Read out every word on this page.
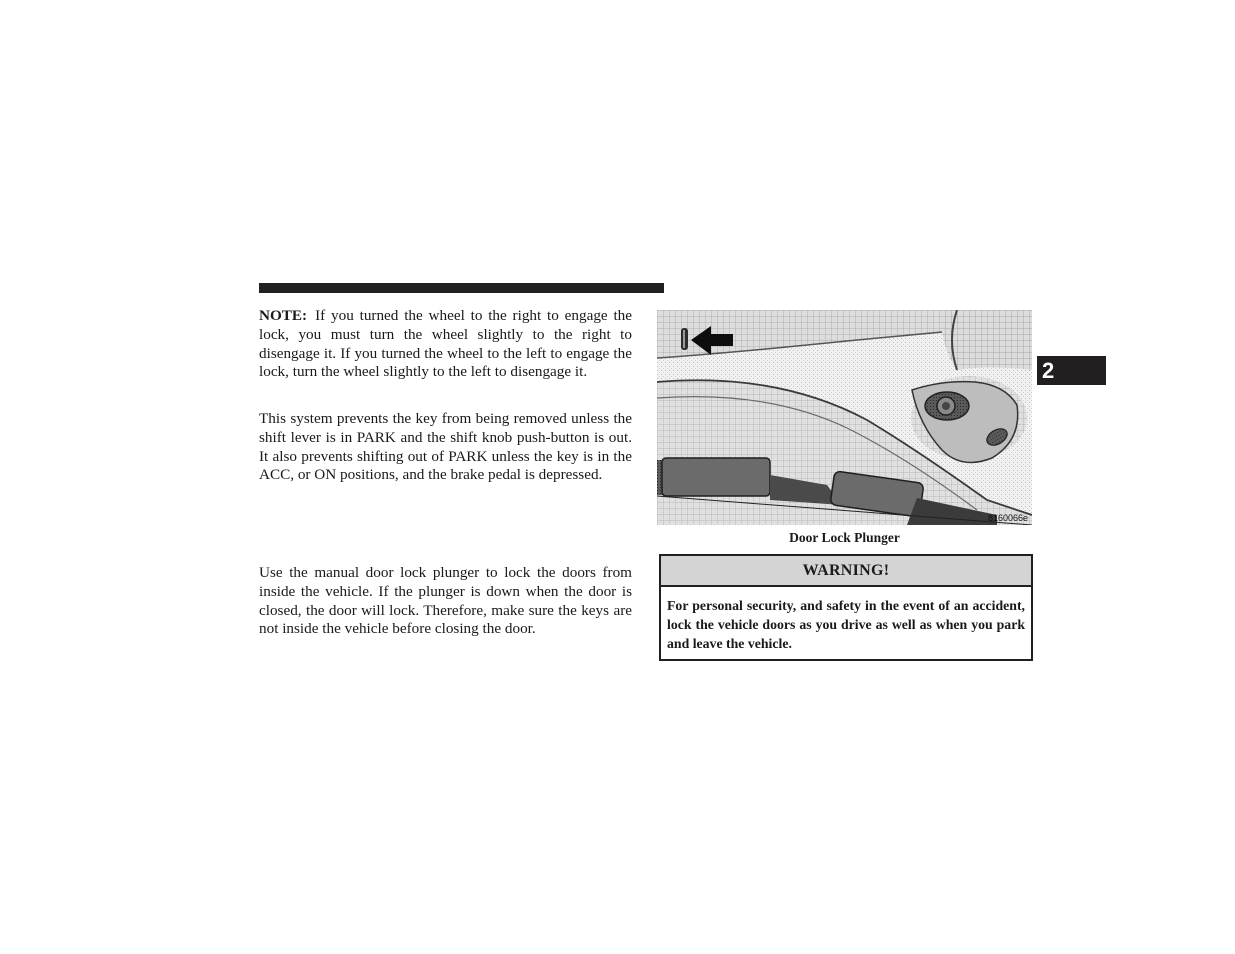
NOTE: If you turned the wheel to the right to engage the lock, you must turn the wheel slightly to the right to disengage it. If you turned the wheel to the left to engage the lock, turn the wheel slightly to the left to disengage it.

This system prevents the key from being removed unless the shift lever is in PARK and the shift knob push-button is out. It also prevents shifting out of PARK unless the key is in the ACC, or ON positions, and the brake pedal is depressed.

Use the manual door lock plunger to lock the doors from inside the vehicle. If the plunger is down when the door is closed, the door will lock. Therefore, make sure the keys are not inside the vehicle before closing the door.

8160066e
Door Lock Plunger
WARNING!
For personal security, and safety in the event of an accident, lock the vehicle doors as you drive as well as when you park and leave the vehicle.
2
